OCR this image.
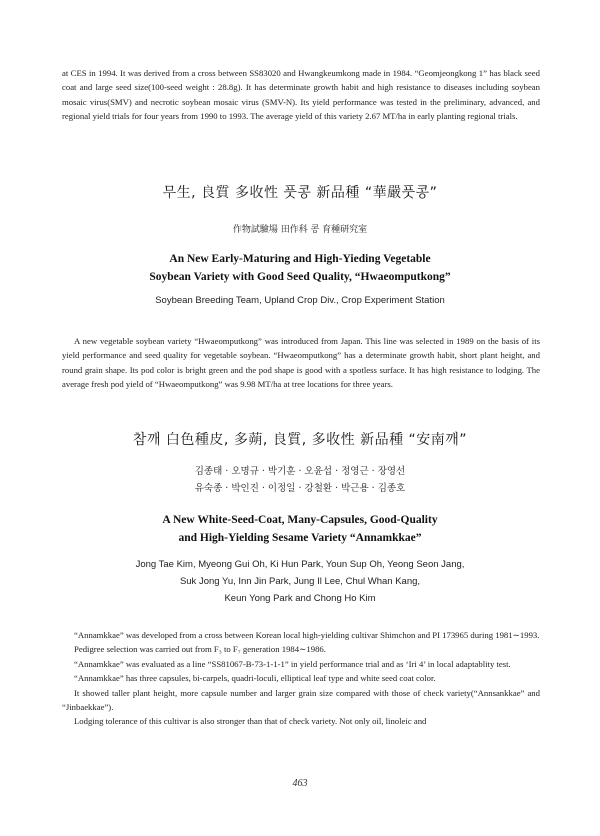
at CES in 1994. It was derived from a cross between SS83020 and Hwangkeumkong made in 1984. “Geomjeongkong 1” has black seed coat and large seed size(100-seed weight : 28.8g). It has determinate growth habit and high resistance to diseases including soybean mosaic virus(SMV) and necrotic soybean mosaic virus (SMV-N). Its yield performance was tested in the preliminary, advanced, and regional yield trials for four years from 1990 to 1993. The average yield of this variety 2.67 MT/ha in early planting regional trials.

무生, 良質 多收性 풋콩 新品種 “華嚴풋콩”
作物試驗場 田作科 콩 育種研究室
An New Early-Maturing and High-Yieding Vegetable
Soybean Variety with Good Seed Quality, “Hwaeomputkong”
Soybean Breeding Team, Upland Crop Div., Crop Experiment Station

A new vegetable soybean variety “Hwaeomputkong” was introduced from Japan. This line was selected in 1989 on the basis of its yield performance and seed quality for vegetable soybean. “Hwaeomputkong” has a determinate growth habit, short plant height, and round grain shape. Its pod color is bright green and the pod shape is good with a spotless surface. It has high resistance to lodging. The average fresh pod yield of “Hwaeomputkong” was 9.98 MT/ha at tree locations for three years.

참깨 白色種皮, 多蒴, 良質, 多收性 新品種 “安南깨”
김종태 · 오명규 · 박기훈 · 오윤섭 · 정영근 · 장영선
유숙종 · 박인진 · 이정일 · 강철환 · 박근용 · 김종호
A New White-Seed-Coat, Many-Capsules, Good-Quality
and High-Yielding Sesame Variety “Annamkkae”
Jong Tae Kim, Myeong Gui Oh, Ki Hun Park, Youn Sup Oh, Yeong Seon Jang,
Suk Jong Yu, Inn Jin Park, Jung Il Lee, Chul Whan Kang,
Keun Yong Park and Chong Ho Kim

“Annamkkae” was developed from a cross between Korean local high-yielding cultivar Shimchon and PI 173965 during 1981∼1993.

Pedigree selection was carried out from F₃ to F₇ generation 1984∼1986.

“Annamkkae” was evaluated as a line “SS81067-B-73-1-1-1” in yield performance trial and as ‘Iri 4’ in local adaptablity test.

“Annamkkae” has three capsules, bi-carpels, quadri-loculi, elliptical leaf type and white seed coat color.

It showed taller plant height, more capsule number and larger grain size compared with those of check variety(“Annsankkae” and “Jinbaekkae”).

Lodging tolerance of this cultivar is also stronger than that of check variety. Not only oil, linoleic and

463
